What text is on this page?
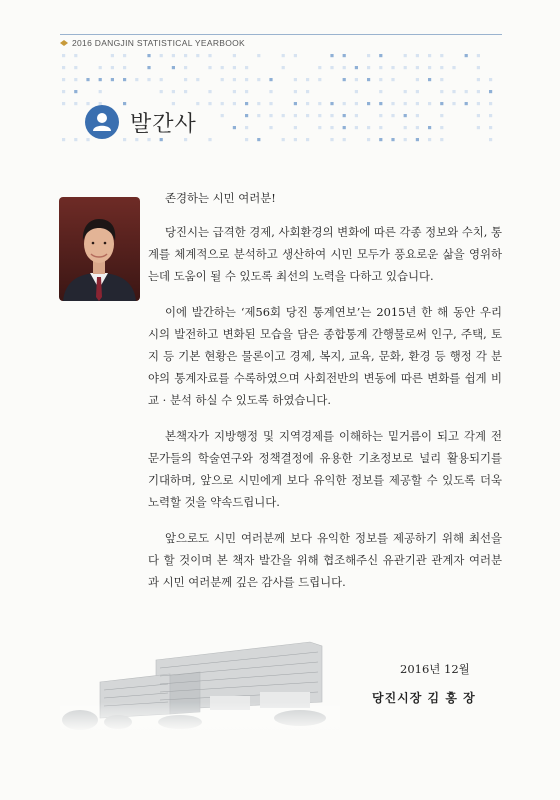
2016 DANGJIN STATISTICAL YEARBOOK
발간사

존경하는 시민 여러분!

당진시는 급격한 경제, 사회환경의 변화에 따른 각종 정보와 수치, 통계를 체계적으로 분석하고 생산하여 시민 모두가 풍요로운 삶을 영위하는데 도움이 될 수 있도록 최선의 노력을 다하고 있습니다.

이에 발간하는 ‘제56회 당진 통계연보’는 2015년 한 해 동안 우리 시의 발전하고 변화된 모습을 담은 종합통계 간행물로써 인구, 주택, 토지 등 기본 현황은 물론이고 경제, 복지, 교육, 문화, 환경 등 행정 각 분야의 통계자료를 수록하였으며 사회전반의 변동에 따른 변화를 쉽게 비교 · 분석 하실 수 있도록 하였습니다.

본책자가 지방행정 및 지역경제를 이해하는 밑거름이 되고 각계 전문가들의 학술연구와 정책결정에 유용한 기초정보로 널리 활용되기를 기대하며, 앞으로 시민에게 보다 유익한 정보를 제공할 수 있도록 더욱 노력할 것을 약속드립니다.

앞으로도 시민 여러분께 보다 유익한 정보를 제공하기 위해 최선을 다 할 것이며 본 책자 발간을 위해 협조해주신 유관기관 관계자 여러분과 시민 여러분께 깊은 감사를 드립니다.

2016년 12월
당진시장 김 홍 장
